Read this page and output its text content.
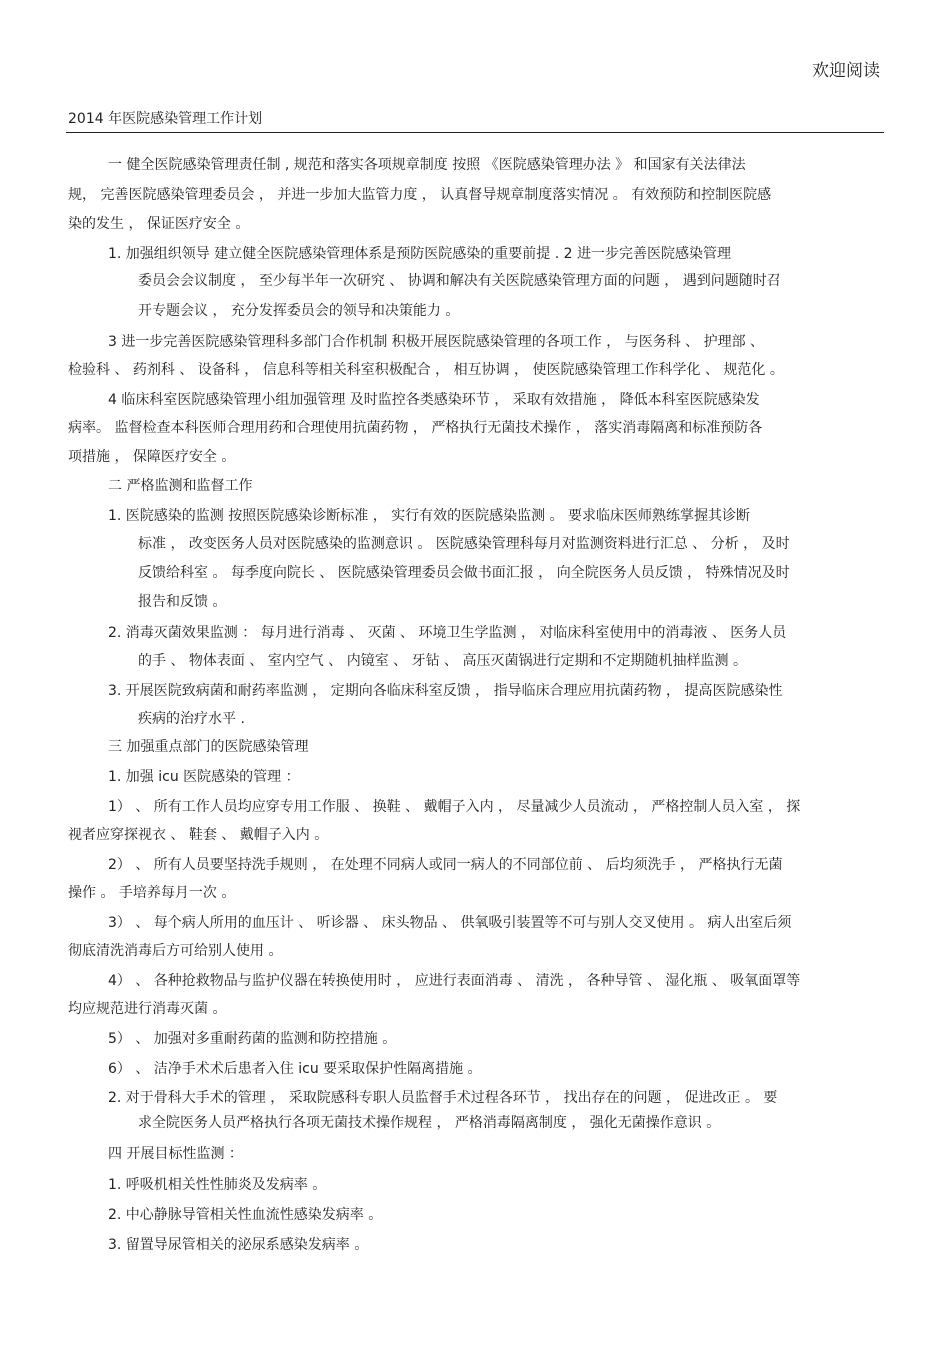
欢迎阅读
2014 年医院感染管理工作计划
一 健全医院感染管理责任制 , 规范和落实各项规章制度 按照 《医院感染管理办法 》 和国家有关法律法
规， 完善医院感染管理委员会 ， 并进一步加大监管力度 ， 认真督导规章制度落实情况 。 有效预防和控制医院感
染的发生 ， 保证医疗安全 。
1. 加强组织领导 建立健全医院感染管理体系是预防医院感染的重要前提 . 2 进一步完善医院感染管理
委员会会议制度 ， 至少每半年一次研究 、 协调和解决有关医院感染管理方面的问题 ， 遇到问题随时召
开专题会议 ， 充分发挥委员会的领导和决策能力 。
3 进一步完善医院感染管理科多部门合作机制 积极开展医院感染管理的各项工作 ， 与医务科 、 护理部 、
检验科 、 药剂科 、 设备科 ， 信息科等相关科室积极配合 ， 相互协调 ， 使医院感染管理工作科学化 、 规范化 。
4 临床科室医院感染管理小组加强管理 及时监控各类感染环节 ， 采取有效措施 ， 降低本科室医院感染发
病率。 监督检查本科医师合理用药和合理使用抗菌药物 ， 严格执行无菌技术操作 ， 落实消毒隔离和标准预防各
项措施 ， 保障医疗安全 。
二 严格监测和监督工作
1. 医院感染的监测 按照医院感染诊断标准 ， 实行有效的医院感染监测 。 要求临床医师熟练掌握其诊断
标准 ， 改变医务人员对医院感染的监测意识 。 医院感染管理科每月对监测资料进行汇总 、 分析 ， 及时
反馈给科室 。 每季度向院长 、 医院感染管理委员会做书面汇报 ， 向全院医务人员反馈 ， 特殊情况及时
报告和反馈 。
2. 消毒灭菌效果监测 ： 每月进行消毒 、 灭菌 、 环境卫生学监测 ， 对临床科室使用中的消毒液 、 医务人员
的手 、 物体表面 、 室内空气 、 内镜室 、 牙钻 、 高压灭菌锅进行定期和不定期随机抽样监测 。
3. 开展医院致病菌和耐药率监测 ， 定期向各临床科室反馈 ， 指导临床合理应用抗菌药物 ， 提高医院感染性
疾病的治疗水平 .
三 加强重点部门的医院感染管理
1. 加强 icu 医院感染的管理 ：
1） 、 所有工作人员均应穿专用工作服 、 换鞋 、 戴帽子入内 ， 尽量减少人员流动 ， 严格控制人员入室 ， 探
视者应穿探视衣 、 鞋套 、 戴帽子入内 。
2） 、 所有人员要坚持洗手规则 ， 在处理不同病人或同一病人的不同部位前 、 后均须洗手 ， 严格执行无菌
操作 。 手培养每月一次 。
3） 、 每个病人所用的血压计 、 听诊器 、 床头物品 、 供氧吸引装置等不可与别人交叉使用 。 病人出室后须
彻底清洗消毒后方可给别人使用 。
4） 、 各种抢救物品与监护仪器在转换使用时 ， 应进行表面消毒 、 清洗 ， 各种导管 、 湿化瓶 、 吸氧面罩等
均应规范进行消毒灭菌 。
5） 、 加强对多重耐药菌的监测和防控措施 。
6） 、 洁净手术术后患者入住 icu 要采取保护性隔离措施 。
2. 对于骨科大手术的管理 ， 采取院感科专职人员监督手术过程各环节 ， 找出存在的问题 ， 促进改正 。 要
求全院医务人员严格执行各项无菌技术操作规程 ， 严格消毒隔离制度 ， 强化无菌操作意识 。
四 开展目标性监测 ：
1. 呼吸机相关性性肺炎及发病率 。
2. 中心静脉导管相关性血流性感染发病率 。
3. 留置导尿管相关的泌尿系感染发病率 。
